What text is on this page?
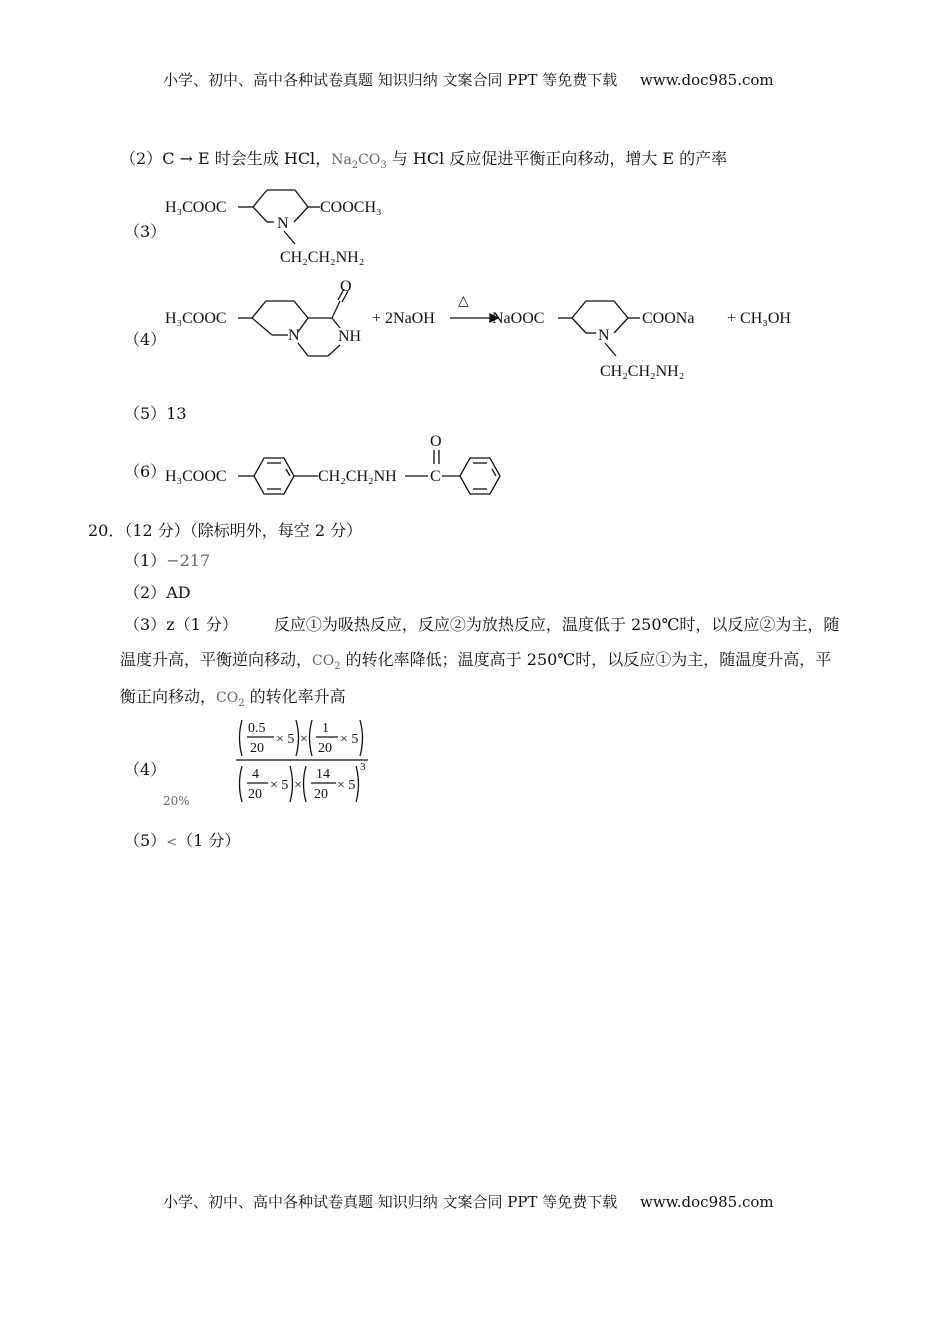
小学、初中、高中各种试卷真题 知识归纳 文案合同 PPT 等免费下载 www.doc985.com
（2）C → E 时会生成 HCl，$Na_2CO_3$ 与 HCl 反应促进平衡正向移动，增大 E 的产率
（3）
H₃COOC	COOCH₃
N
CH₂CH₂NH₂
（4）
H₃COOC
N
O
NH
+ 2NaOH
△
NaOOC	COONa
N
CH₂CH₂NH₂
+ CH₃OH
（5）13
（6）
H₃COOC	CH₂CH₂NH C
O
20．（12 分）（除标明外，每空 2 分）
（1）−217
（2）AD
（3）z（1 分） 反应①为吸热反应，反应②为放热反应，温度低于 250℃时，以反应②为主，随
温度升高，平衡逆向移动，$CO_2$ 的转化率降低；温度高于 250℃时，以反应①为主，随温度升高，平
衡正向移动，$CO_2$ 的转化率升高
（4）
20%
0.5
20
× 5 ×
1
20
× 5
4
20
× 5 ×
14
20
× 5
3
（5）<（1 分）
小学、初中、高中各种试卷真题 知识归纳 文案合同 PPT 等免费下载 www.doc985.com
